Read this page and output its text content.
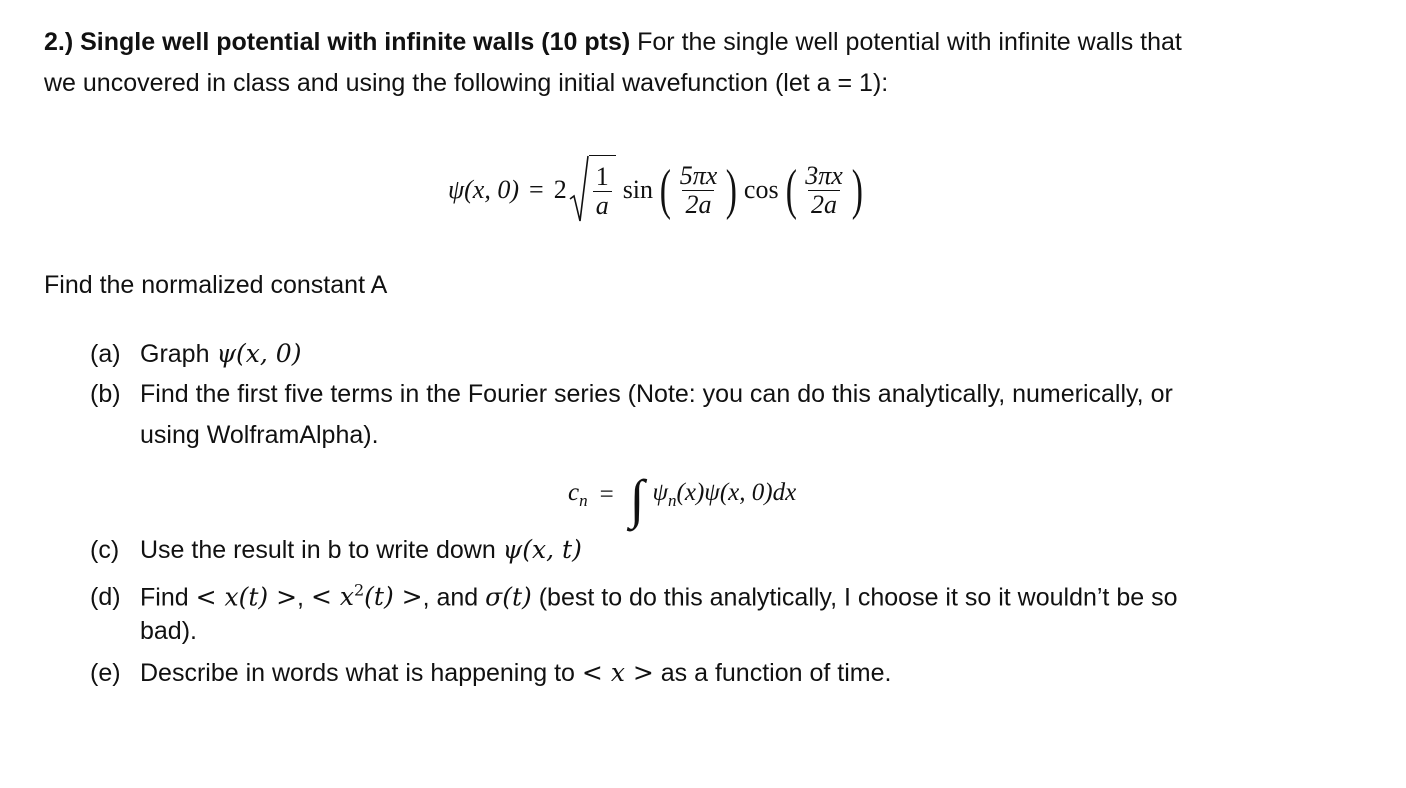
2.) Single well potential with infinite walls (10 pts) For the single well potential with infinite walls that
we uncovered in class and using the following initial wavefunction (let a = 1):
ψ(x, $0) = 2 \frac{1}{a}$ sin ( $\frac{5\pi x}{2a}$ ) cos ( $\frac{3\pi x}{2a}$ )
Find the normalized constant A
(a) Graph ψ(x, 0)
(b) Find the first five terms in the Fourier series (Note: you can do this analytically, numerically, or
using WolframAlpha).
$c_n$ = ∫ $\psi_n(x)\psi(x$, 0)dx
(c) Use the result in b to write down ψ(x, t)
(d) Find < x(t) >, < $x^2(t)$ >, and σ(t) (best to do this analytically, I choose it so it wouldn’t be so
bad).
(e) Describe in words what is happening to < x > as a function of time.
